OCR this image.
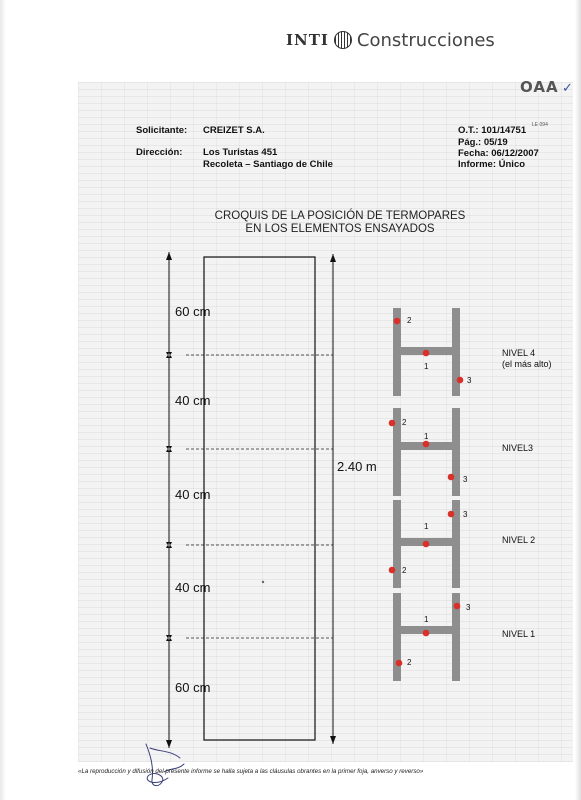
INTI Construcciones
OAA ✓

LE 094
Solicitante: CREIZET S.A.
Dirección: Los Turistas 451
Recoleta – Santiago de Chile
O.T.: 101/14751
Pág.: 05/19
Fecha: 06/12/2007
Informe: Único
CROQUIS DE LA POSICIÓN DE TERMOPARES
EN LOS ELEMENTOS ENSAYADOS
60 cm
40 cm
40 cm
40 cm
60 cm
2.40 m
2
1
3
NIVEL 4
(el más alto)
2
1
3
NIVEL3
3
1
2
NIVEL 2
3
1
2
NIVEL 1
«La reproducción y difusión del presente informe se halla sujeta a las cláusulas obrantes en la primer foja, anverso y reverso»
